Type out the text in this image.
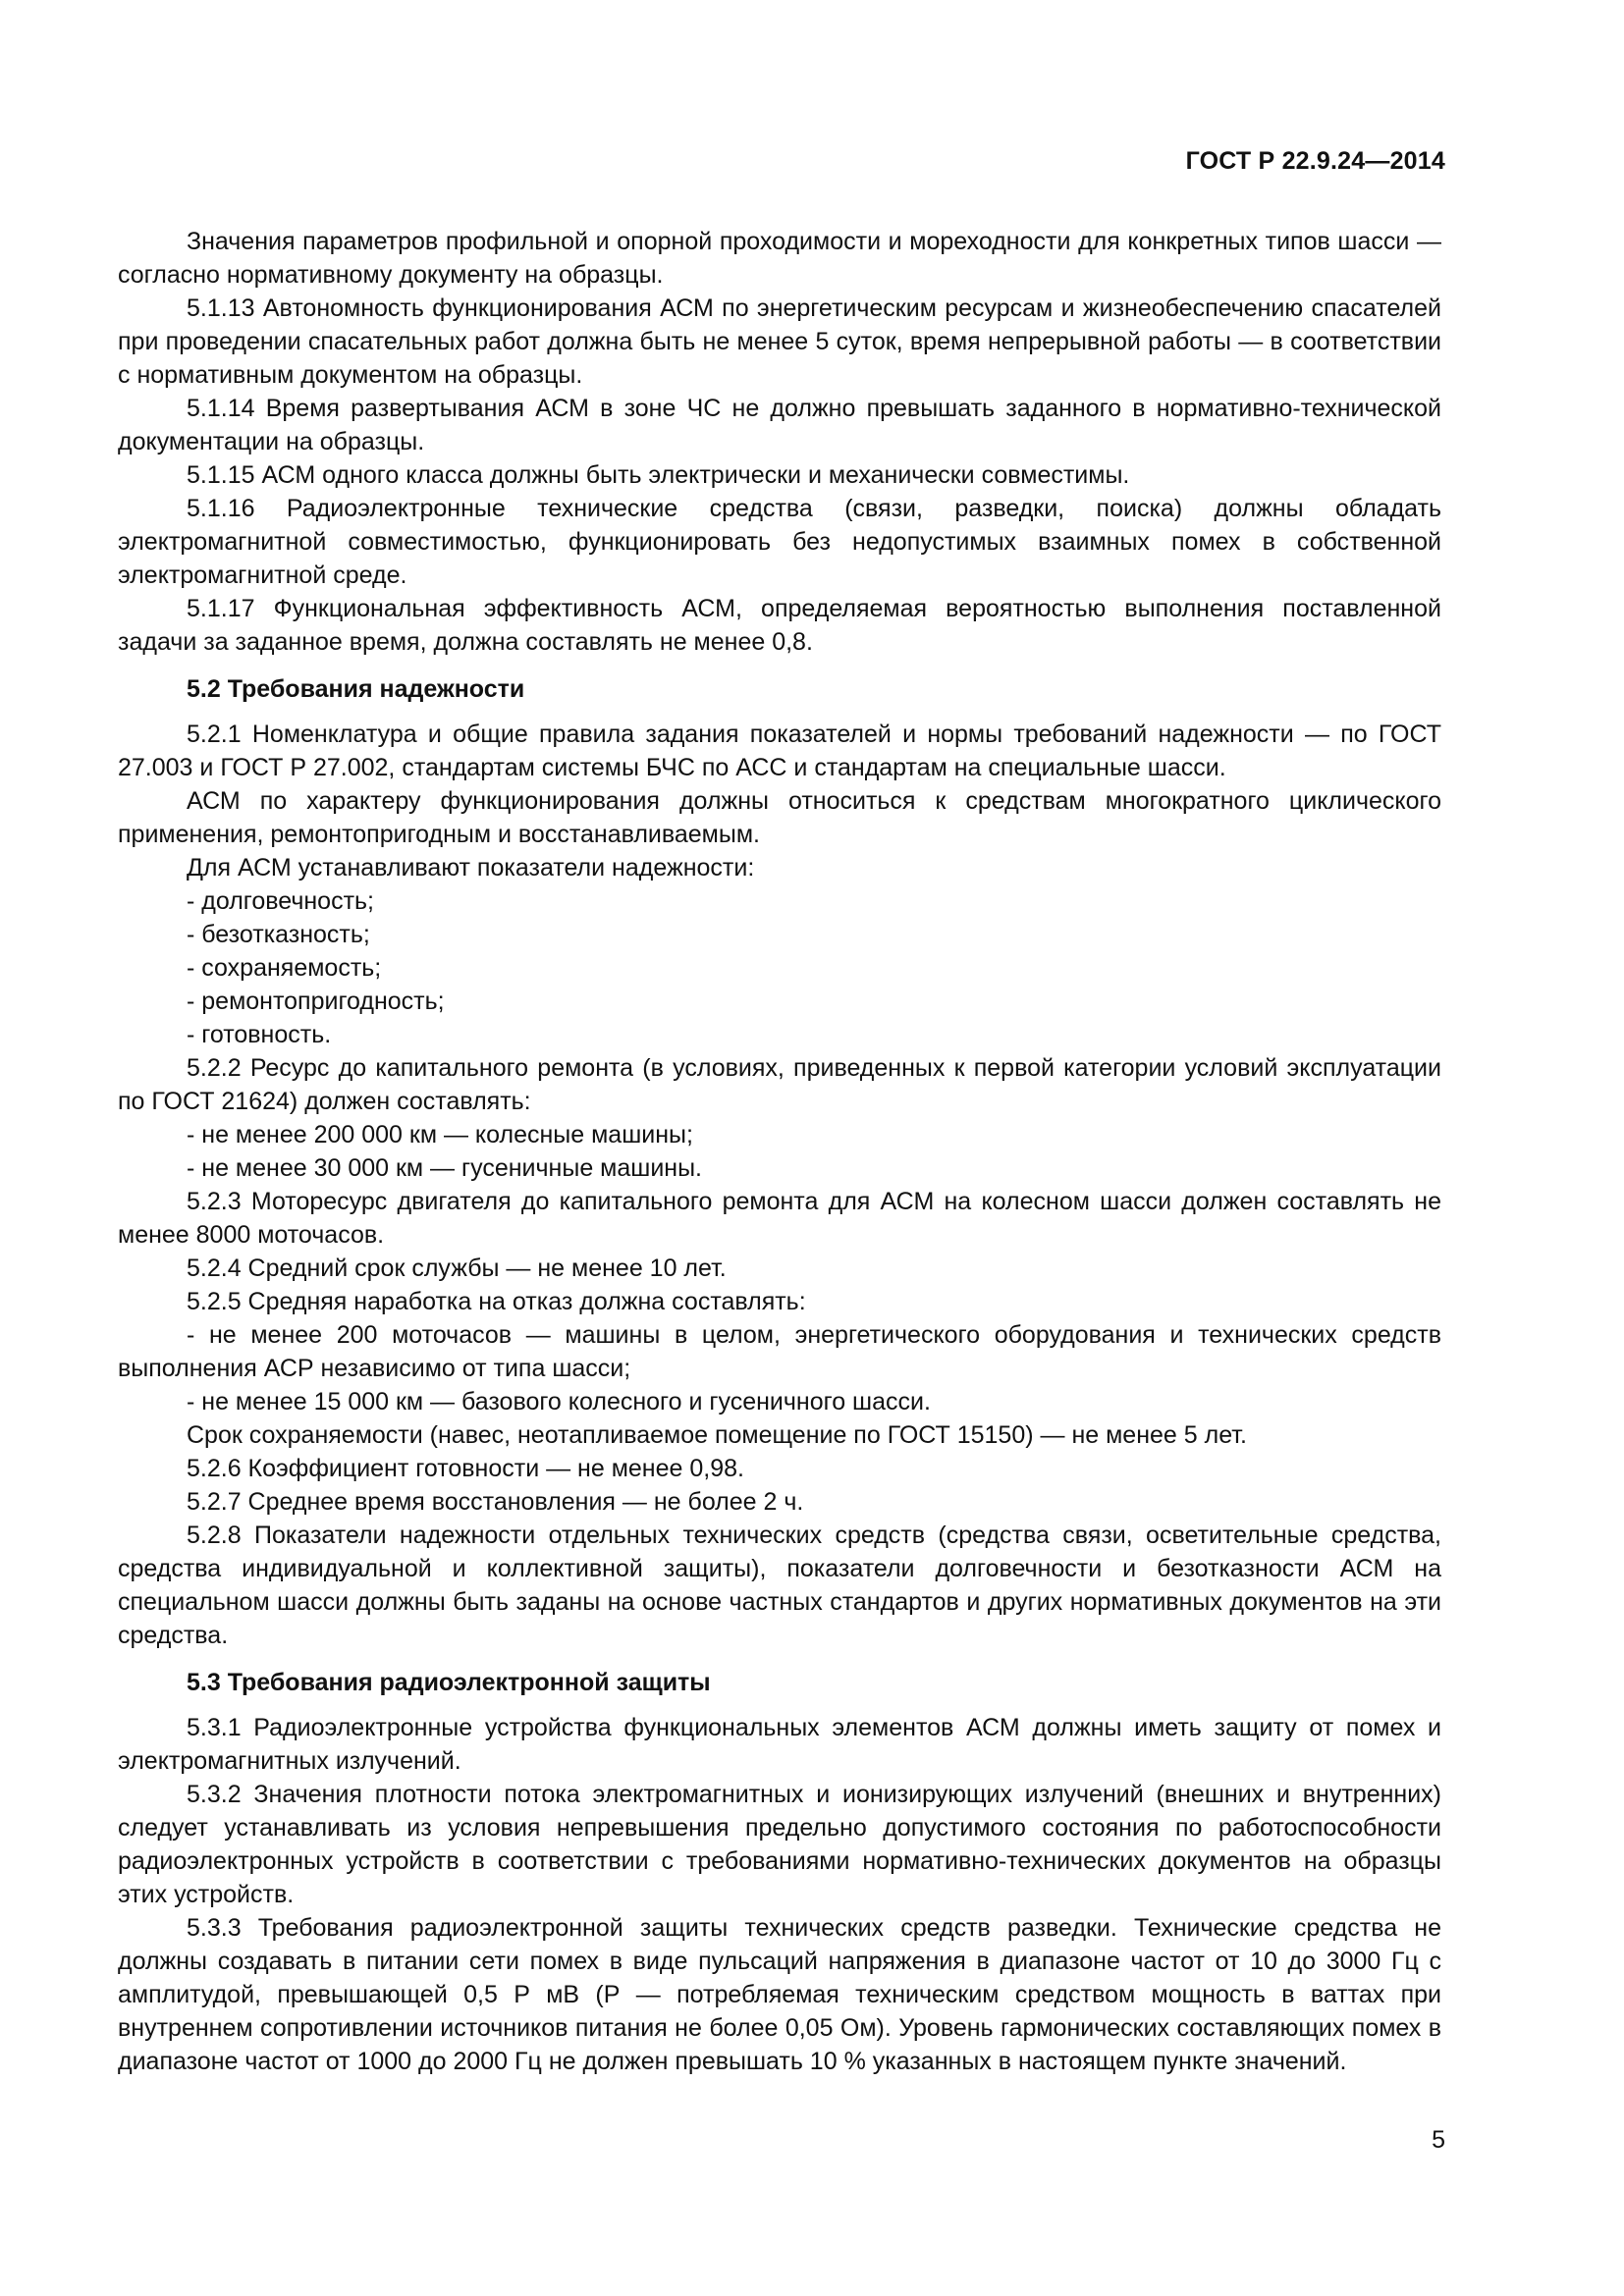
ГОСТ Р 22.9.24—2014

Значения параметров профильной и опорной проходимости и мореходности для конкретных типов шасси — согласно нормативному документу на образцы.

5.1.13 Автономность функционирования АСМ по энергетическим ресурсам и жизнеобеспечению спасателей при проведении спасательных работ должна быть не менее 5 суток, время непрерывной работы — в соответствии с нормативным документом на образцы.

5.1.14 Время развертывания АСМ в зоне ЧС не должно превышать заданного в нормативно-технической документации на образцы.

5.1.15 АСМ одного класса должны быть электрически и механически совместимы.

5.1.16 Радиоэлектронные технические средства (связи, разведки, поиска) должны обладать электромагнитной совместимостью, функционировать без недопустимых взаимных помех в собственной электромагнитной среде.

5.1.17 Функциональная эффективность АСМ, определяемая вероятностью выполнения поставленной задачи за заданное время, должна составлять не менее 0,8.

5.2 Требования надежности

5.2.1 Номенклатура и общие правила задания показателей и нормы требований надежности — по ГОСТ 27.003 и ГОСТ Р 27.002, стандартам системы БЧС по АСС и стандартам на специальные шасси.

АСМ по характеру функционирования должны относиться к средствам многократного циклического применения, ремонтопригодным и восстанавливаемым.

Для АСМ устанавливают показатели надежности:

- долговечность;

- безотказность;

- сохраняемость;

- ремонтопригодность;

- готовность.

5.2.2 Ресурс до капитального ремонта (в условиях, приведенных к первой категории условий эксплуатации по ГОСТ 21624) должен составлять:

- не менее 200 000 км — колесные машины;

- не менее 30 000 км — гусеничные машины.

5.2.3 Моторесурс двигателя до капитального ремонта для АСМ на колесном шасси должен составлять не менее 8000 моточасов.

5.2.4 Средний срок службы — не менее 10 лет.

5.2.5 Средняя наработка на отказ должна составлять:

- не менее 200 моточасов — машины в целом, энергетического оборудования и технических средств выполнения АСР независимо от типа шасси;

- не менее 15 000 км — базового колесного и гусеничного шасси.

Срок сохраняемости (навес, неотапливаемое помещение по ГОСТ 15150) — не менее 5 лет.

5.2.6 Коэффициент готовности — не менее 0,98.

5.2.7 Среднее время восстановления — не более 2 ч.

5.2.8 Показатели надежности отдельных технических средств (средства связи, осветительные средства, средства индивидуальной и коллективной защиты), показатели долговечности и безотказности АСМ на специальном шасси должны быть заданы на основе частных стандартов и других нормативных документов на эти средства.

5.3 Требования радиоэлектронной защиты

5.3.1 Радиоэлектронные устройства функциональных элементов АСМ должны иметь защиту от помех и электромагнитных излучений.

5.3.2 Значения плотности потока электромагнитных и ионизирующих излучений (внешних и внутренних) следует устанавливать из условия непревышения предельно допустимого состояния по работоспособности радиоэлектронных устройств в соответствии с требованиями нормативно-технических документов на образцы этих устройств.

5.3.3 Требования радиоэлектронной защиты технических средств разведки. Технические средства не должны создавать в питании сети помех в виде пульсаций напряжения в диапазоне частот от 10 до 3000 Гц с амплитудой, превышающей 0,5 Р мВ (Р — потребляемая техническим средством мощность в ваттах при внутреннем сопротивлении источников питания не более 0,05 Ом). Уровень гармонических составляющих помех в диапазоне частот от 1000 до 2000 Гц не должен превышать 10 % указанных в настоящем пункте значений.

5
